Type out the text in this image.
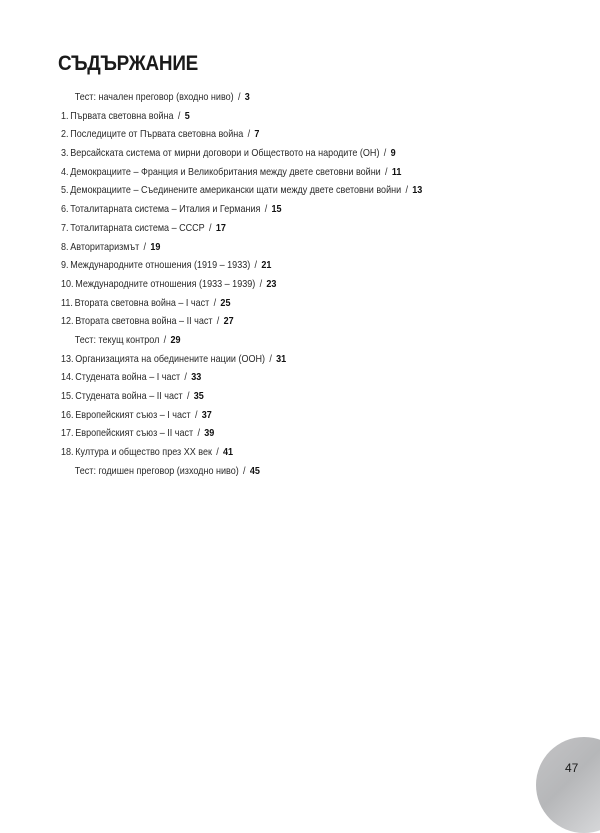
СЪДЪРЖАНИЕ
Тест: начален преговор (входно ниво) / 3
1. Първата световна война / 5
2. Последиците от Първата световна война / 7
3. Версайската система от мирни договори и Обществото на народите (ОН) / 9
4. Демокрациите – Франция и Великобритания между двете световни войни / 11
5. Демокрациите – Съединените американски щати между двете световни войни / 13
6. Тоталитарната система – Италия и Германия / 15
7. Тоталитарната система – СССР / 17
8. Авторитаризмът / 19
9. Международните отношения (1919 – 1933) / 21
10. Международните отношения (1933 – 1939) / 23
11. Втората световна война – I част / 25
12. Втората световна война – II част / 27
Тест: текущ контрол / 29
13. Организацията на обединените нации (ООН) / 31
14. Студената война – I част / 33
15. Студената война – II част / 35
16. Европейският съюз – I част / 37
17. Европейският съюз – II част / 39
18. Култура и общество през XX век / 41
Тест: годишен преговор (изходно ниво) / 45
47
